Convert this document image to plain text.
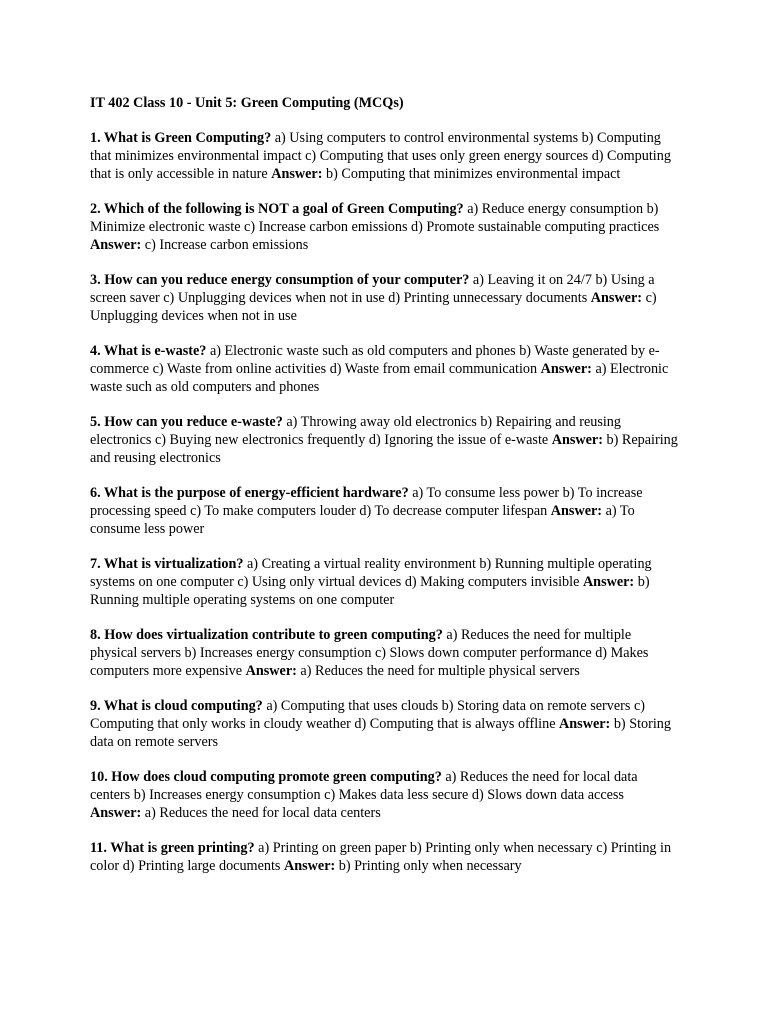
IT 402 Class 10 - Unit 5: Green Computing (MCQs)

1. What is Green Computing? a) Using computers to control environmental systems b) Computing that minimizes environmental impact c) Computing that uses only green energy sources d) Computing that is only accessible in nature Answer: b) Computing that minimizes environmental impact

2. Which of the following is NOT a goal of Green Computing? a) Reduce energy consumption b) Minimize electronic waste c) Increase carbon emissions d) Promote sustainable computing practices Answer: c) Increase carbon emissions

3. How can you reduce energy consumption of your computer? a) Leaving it on 24/7 b) Using a screen saver c) Unplugging devices when not in use d) Printing unnecessary documents Answer: c) Unplugging devices when not in use

4. What is e-waste? a) Electronic waste such as old computers and phones b) Waste generated by e-commerce c) Waste from online activities d) Waste from email communication Answer: a) Electronic waste such as old computers and phones

5. How can you reduce e-waste? a) Throwing away old electronics b) Repairing and reusing electronics c) Buying new electronics frequently d) Ignoring the issue of e-waste Answer: b) Repairing and reusing electronics

6. What is the purpose of energy-efficient hardware? a) To consume less power b) To increase processing speed c) To make computers louder d) To decrease computer lifespan Answer: a) To consume less power

7. What is virtualization? a) Creating a virtual reality environment b) Running multiple operating systems on one computer c) Using only virtual devices d) Making computers invisible Answer: b) Running multiple operating systems on one computer

8. How does virtualization contribute to green computing? a) Reduces the need for multiple physical servers b) Increases energy consumption c) Slows down computer performance d) Makes computers more expensive Answer: a) Reduces the need for multiple physical servers

9. What is cloud computing? a) Computing that uses clouds b) Storing data on remote servers c) Computing that only works in cloudy weather d) Computing that is always offline Answer: b) Storing data on remote servers

10. How does cloud computing promote green computing? a) Reduces the need for local data centers b) Increases energy consumption c) Makes data less secure d) Slows down data access Answer: a) Reduces the need for local data centers

11. What is green printing? a) Printing on green paper b) Printing only when necessary c) Printing in color d) Printing large documents Answer: b) Printing only when necessary
